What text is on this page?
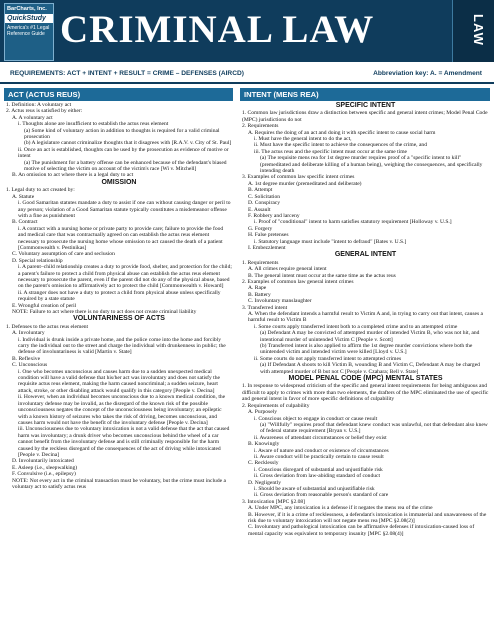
BarCharts, Inc.
QuickStudy
America's #1 Legal
Reference Guide CRIMINAL LAW	LAW
REQUIREMENTS: ACT + INTENT + RESULT = CRIME – DEFENSES (AIRCD)	Abbreviation key: A. = Amendment
ACT (ACTUS REUS)

1. Definition: A voluntary act

2. Actus reus is satisfied by either:

A. A voluntary act

i. Thoughts alone are insufficient to establish the actus reus element

(a) Some kind of voluntary action in addition to thoughts is required for a valid criminal prosecution

(b) A legislature cannot criminalize thoughts that it disagrees with [R.A.V. v. City of St. Paul]

ii. Once an act is established, thoughts can be used by the prosecution as evidence of motive or intent

(a) The punishment for a battery offense can be enhanced because of the defendant's biased motive of selecting the victim on account of the victim's race [Wi v. Mitchell]

B. An omission to act where there is a legal duty to act

OMISSION

1. Legal duty to act created by:

A. Statute

i. Good Samaritan statutes mandate a duty to assist if one can without causing danger or peril to any person; violation of a Good Samaritan statute typically constitutes a misdemeanor offense with a fine as punishment

B. Contract

i. A contract with a nursing home or private party to provide care; failure to provide the food and medical care that was contractually agreed on can establish the actus reus element necessary to prosecute the nursing home whose omission to act caused the death of a patient [Commonwealth v. Pestinikas]

C. Voluntary assumption of care and seclusion

D. Special relationship

i. A parent–child relationship creates a duty to provide food, shelter, and protection for the child; a parent's failure to protect a child from physical abuse can establish the actus reus element necessary to prosecute the parent, even if the parent did not do any of the physical abuse, based on the parent's omission to affirmatively act to protect the child [Commonwealth v. Howard]

ii. A stranger does not have a duty to protect a child from physical abuse unless specifically required by a state statute

E. Wrongful creation of peril

NOTE: Failure to act where there is no duty to act does not create criminal liability

VOLUNTARINESS OF ACTS

1. Defenses to the actus reus element

A. Involuntary

i. Individual is drunk inside a private home, and the police come into the home and forcibly carry the individual out to the street and charge the individual with drunkenness in public; the defense of involuntariness is valid [Martin v. State]

B. Reflexive

C. Unconscious

i. One who becomes unconscious and causes harm due to a sudden unexpected medical condition will have a valid defense that his/her act was involuntary and does not satisfy the requisite actus reus element, making the harm caused noncriminal; a sudden seizure, heart attack, stroke, or other disabling attack would qualify in this category [People v. Decina]

ii. However, when an individual becomes unconscious due to a known medical condition, the involuntary defense may be invalid, as the disregard of the known risk of the possible unconsciousness negates the concept of the unconsciousness being involuntary; an epileptic with a known history of seizures who takes the risk of driving, becomes unconscious, and causes harm would not have the benefit of the involuntary defense [People v. Decina]

iii. Unconsciousness due to voluntary intoxication is not a valid defense that the act that caused harm was involuntary; a drunk driver who becomes unconscious behind the wheel of a car cannot benefit from the involuntary defense and is still criminally responsible for the harm caused by the reckless disregard of the consequences of the act of driving while intoxicated [People v. Decina]

D. Involuntarily intoxicated

E. Asleep (i.e., sleepwalking)

F. Convulsive (i.e., epilepsy)

NOTE: Not every act in the criminal transaction must be voluntary, but the crime must include a voluntary act to satisfy actus reus

INTENT (MENS REA)
SPECIFIC INTENT

1. Common law jurisdictions draw a distinction between specific and general intent crimes; Model Penal Code (MPC) jurisdictions do not

2. Requirements

A. Requires the doing of an act and doing it with specific intent to cause social harm

i. Must have the general intent to do the act,

ii. Must have the specific intent to achieve the consequences of the crime, and

iii. The actus reus and the specific intent must occur at the same time

(a) The requisite mens rea for 1st degree murder requires proof of a "specific intent to kill" (premeditated and deliberate killing of a human being), weighing the consequences, and specifically intending death

3. Examples of common law specific intent crimes

A. 1st degree murder (premeditated and deliberate)

B. Attempt

C. Solicitation

D. Conspiracy

E. Assault

F. Robbery and larceny

i. Proof of "conditional" intent to harm satisfies statutory requirement [Holloway v. U.S.]

G. Forgery

H. False pretenses

i. Statutory language must include "intent to defraud" [Bates v. U.S.]

I. Embezzlement

GENERAL INTENT

1. Requirements

A. All crimes require general intent

B. The general intent must occur at the same time as the actus reus

2. Examples of common law general intent crimes

A. Rape

B. Battery

C. Involuntary manslaughter

3. Transferred intent

A. When the defendant intends a harmful result to Victim A and, in trying to carry out that intent, causes a harmful result to Victim B

i. Some courts apply transferred intent both to a completed crime and to an attempted crime

(a) Defendant A may be convicted of attempted murder of intended Victim B, who was not hit, and intentional murder of unintended Victim C [People v. Scott]

(b) Transferred intent is also applied to affirm the 1st degree murder convictions where both the unintended victim and intended victim were killed [Lloyd v. U.S.]

ii. Some courts do not apply transferred intent to attempted crimes

(a) If Defendant A shoots to kill Victim B, wounding B and Victim C, Defendant A may be charged with attempted murder of B but not C [People v. Czahara; Bell v. State]

MODEL PENAL CODE (MPC) MENTAL STATES

1. In response to widespread criticism of the specific and general intent requirements for being ambiguous and difficult to apply to crimes with more than two elements, the drafters of the MPC eliminated the use of specific and general intent in favor of more specific definitions of culpability

2. Requirements of culpability

A. Purposely

i. Conscious object to engage in conduct or cause result

(a) "Willfully" requires proof that defendant knew conduct was unlawful, not that defendant also knew of federal statute requirement [Bryan v. U.S.]

ii. Awareness of attendant circumstances or belief they exist

B. Knowingly

i. Aware of nature and conduct or existence of circumstances

ii. Aware conduct will be practically certain to cause result

C. Recklessly

i. Conscious disregard of substantial and unjustifiable risk

ii. Gross deviation from law-abiding standard of conduct

D. Negligently

i. Should be aware of substantial and unjustifiable risk

ii. Gross deviation from reasonable person's standard of care

3. Intoxication [MPC §2.08]

A. Under MPC, any intoxication is a defense if it negates the mens rea of the crime

B. However, if it is a crime of recklessness, a defendant's intoxication is immaterial and unawareness of the risk due to voluntary intoxication will not negate mens rea [MPC §2.08(2)]

C. Involuntary and pathological intoxication can be affirmative defenses if intoxication-caused loss of mental capacity was equivalent to temporary insanity [MPC §2.08(4)]
